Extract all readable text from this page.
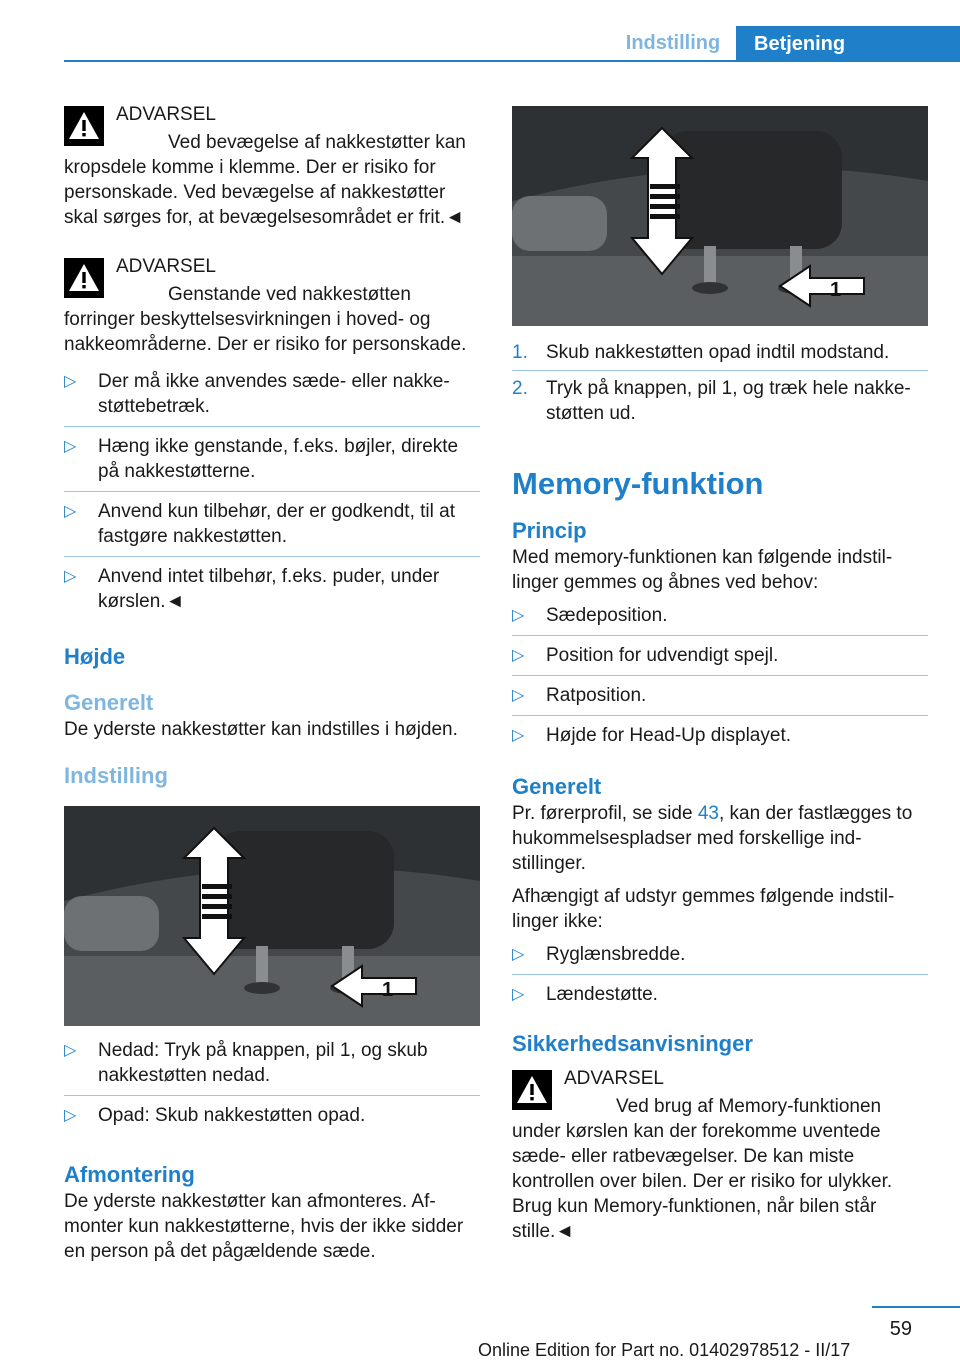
Indstilling	Betjening
ADVARSEL
Ved bevægelse af nakkestøtter kan kropsdele komme i klemme. Der er risiko for personskade. Ved bevægelse af nakkestøtter skal sørges for, at bevægelsesområdet er frit.◄
ADVARSEL
Genstande ved nakkestøtten forringer beskyttelsesvirkningen i hoved- og nakkeområderne. Der er risiko for personskade.
▷ Der må ikke anvendes sæde- eller nakkestøttebetræk.
▷ Hæng ikke genstande, f.eks. bøjler, direkte på nakkestøtterne.
▷ Anvend kun tilbehør, der er godkendt, til at fastgøre nakkestøtten.
▷ Anvend intet tilbehør, f.eks. puder, under kørslen.◄
Højde
Generelt

De yderste nakkestøtter kan indstilles i højden.

Indstilling
1
▷ Nedad: Tryk på knappen, pil 1, og skub nakkestøtten nedad.
▷ Opad: Skub nakkestøtten opad.
Afmontering

De yderste nakkestøtter kan afmonteres. Afmonter kun nakkestøtterne, hvis der ikke sidder en person på det pågældende sæde.

1
1. Skub nakkestøtten opad indtil modstand.
2. Tryk på knappen, pil 1, og træk hele nakkestøtten ud.
Memory-funktion
Princip

Med memory-funktionen kan følgende indstillinger gemmes og åbnes ved behov:

▷ Sædeposition.
▷ Position for udvendigt spejl.
▷ Ratposition.
▷ Højde for Head-Up displayet.
Generelt

Pr. førerprofil, se side 43, kan der fastlægges to hukommelsespladser med forskellige indstillinger.

Afhængigt af udstyr gemmes følgende indstillinger ikke:

▷ Ryglænsbredde.
▷ Lændestøtte.
Sikkerhedsanvisninger
ADVARSEL
Ved brug af Memory-funktionen under kørslen kan der forekomme uventede sæde- eller ratbevægelser. De kan miste kontrollen over bilen. Der er risiko for ulykker. Brug kun Memory-funktionen, når bilen står stille.◄
59
Online Edition for Part no. 01402978512 - II/17
